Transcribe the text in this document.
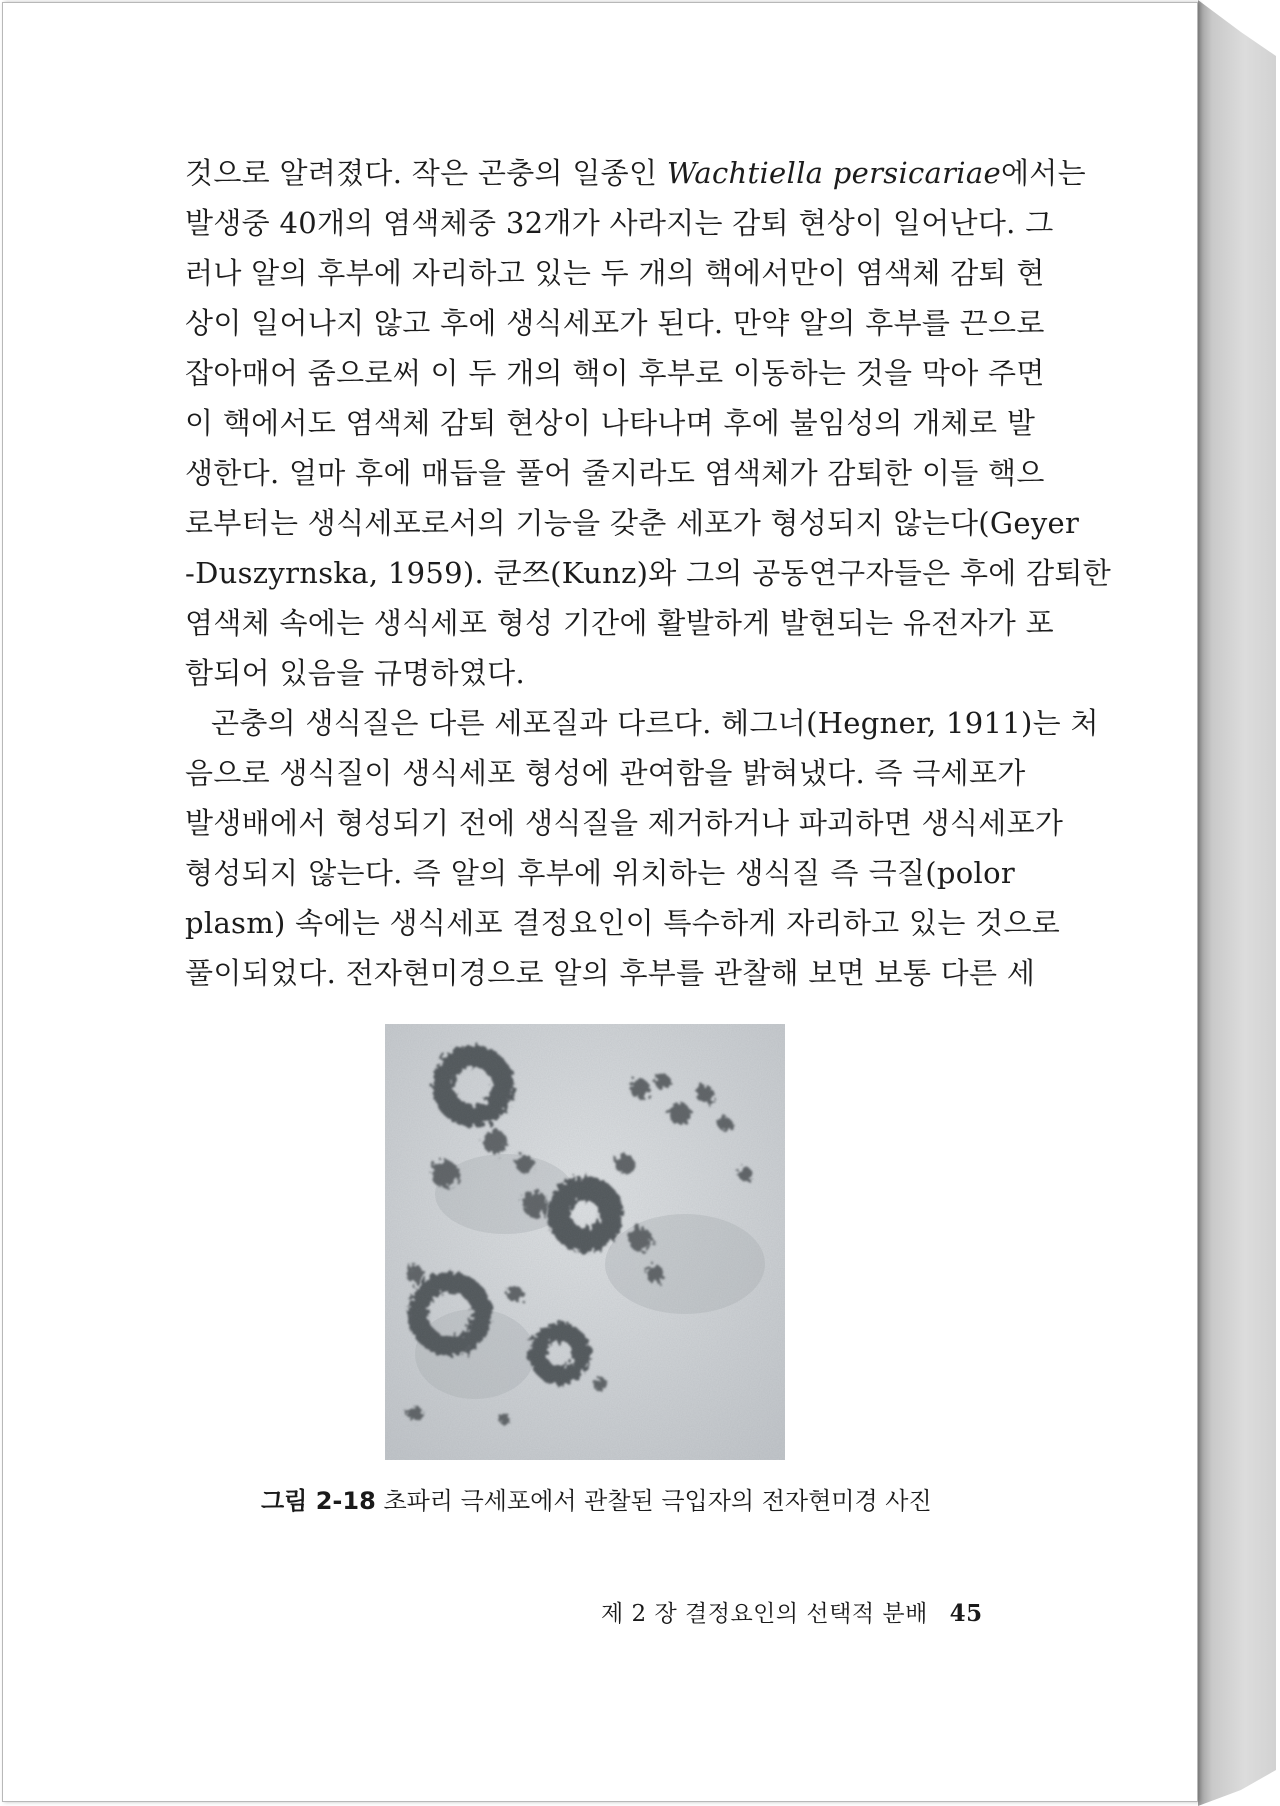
것으로 알려졌다. 작은 곤충의 일종인 Wachtiella persicariae에서는
발생중 40개의 염색체중 32개가 사라지는 감퇴 현상이 일어난다. 그
러나 알의 후부에 자리하고 있는 두 개의 핵에서만이 염색체 감퇴 현
상이 일어나지 않고 후에 생식세포가 된다. 만약 알의 후부를 끈으로
잡아매어 줌으로써 이 두 개의 핵이 후부로 이동하는 것을 막아 주면
이 핵에서도 염색체 감퇴 현상이 나타나며 후에 불임성의 개체로 발
생한다. 얼마 후에 매듭을 풀어 줄지라도 염색체가 감퇴한 이들 핵으
로부터는 생식세포로서의 기능을 갖춘 세포가 형성되지 않는다(Geyer
-Duszyrnska, 1959). 쿤쯔(Kunz)와 그의 공동연구자들은 후에 감퇴한
염색체 속에는 생식세포 형성 기간에 활발하게 발현되는 유전자가 포
함되어 있음을 규명하였다.
곤충의 생식질은 다른 세포질과 다르다. 헤그너(Hegner, 1911)는 처
음으로 생식질이 생식세포 형성에 관여함을 밝혀냈다. 즉 극세포가
발생배에서 형성되기 전에 생식질을 제거하거나 파괴하면 생식세포가
형성되지 않는다. 즉 알의 후부에 위치하는 생식질 즉 극질(polor
plasm) 속에는 생식세포 결정요인이 특수하게 자리하고 있는 것으로
풀이되었다. 전자현미경으로 알의 후부를 관찰해 보면 보통 다른 세
그림 2-18 초파리 극세포에서 관찰된 극입자의 전자현미경 사진
제 2 장 결정요인의 선택적 분배 45
